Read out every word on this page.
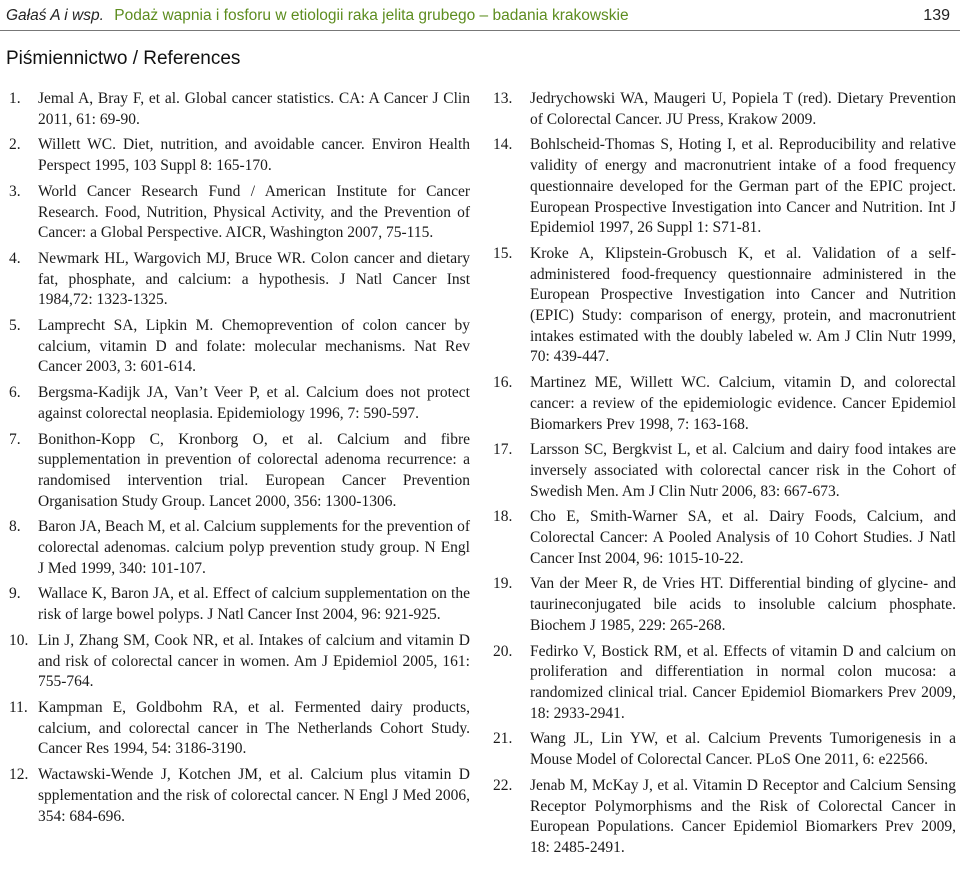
Gałaś A i wsp. Podaż wapnia i fosforu w etiologii raka jelita grubego – badania krakowskie	139
Piśmiennictwo / References
1. Jemal A, Bray F, et al. Global cancer statistics. CA: A Cancer J Clin 2011, 61: 69-90.
2. Willett WC. Diet, nutrition, and avoidable cancer. Environ Health Perspect 1995, 103 Suppl 8: 165-170.
3. World Cancer Research Fund / American Institute for Cancer Research. Food, Nutrition, Physical Activity, and the Prevention of Cancer: a Global Perspective. AICR, Washington 2007, 75-115.
4. Newmark HL, Wargovich MJ, Bruce WR. Colon cancer and dietary fat, phosphate, and calcium: a hypothesis. J Natl Cancer Inst 1984,72: 1323-1325.
5. Lamprecht SA, Lipkin M. Chemoprevention of colon cancer by calcium, vitamin D and folate: molecular mechanisms. Nat Rev Cancer 2003, 3: 601-614.
6. Bergsma-Kadijk JA, Van’t Veer P, et al. Calcium does not protect against colorectal neoplasia. Epidemiology 1996, 7: 590-597.
7. Bonithon-Kopp C, Kronborg O, et al. Calcium and fibre supplementation in prevention of colorectal adenoma recurrence: a randomised intervention trial. European Cancer Prevention Organisation Study Group. Lancet 2000, 356: 1300-1306.
8. Baron JA, Beach M, et al. Calcium supplements for the prevention of colorectal adenomas. calcium polyp prevention study group. N Engl J Med 1999, 340: 101-107.
9. Wallace K, Baron JA, et al. Effect of calcium supplementation on the risk of large bowel polyps. J Natl Cancer Inst 2004, 96: 921-925.
10. Lin J, Zhang SM, Cook NR, et al. Intakes of calcium and vitamin D and risk of colorectal cancer in women. Am J Epidemiol 2005, 161: 755-764.
11. Kampman E, Goldbohm RA, et al. Fermented dairy products, calcium, and colorectal cancer in The Netherlands Cohort Study. Cancer Res 1994, 54: 3186-3190.
12. Wactawski-Wende J, Kotchen JM, et al. Calcium plus vitamin D spplementation and the risk of colorectal cancer. N Engl J Med 2006, 354: 684-696.
13. Jedrychowski WA, Maugeri U, Popiela T (red). Dietary Prevention of Colorectal Cancer. JU Press, Krakow 2009.
14. Bohlscheid-Thomas S, Hoting I, et al. Reproducibility and relative validity of energy and macronutrient intake of a food frequency questionnaire developed for the German part of the EPIC project. European Prospective Investigation into Cancer and Nutrition. Int J Epidemiol 1997, 26 Suppl 1: S71-81.
15. Kroke A, Klipstein-Grobusch K, et al. Validation of a self-administered food-frequency questionnaire administered in the European Prospective Investigation into Cancer and Nutrition (EPIC) Study: comparison of energy, protein, and macronutrient intakes estimated with the doubly labeled w. Am J Clin Nutr 1999, 70: 439-447.
16. Martinez ME, Willett WC. Calcium, vitamin D, and colorectal cancer: a review of the epidemiologic evidence. Cancer Epidemiol Biomarkers Prev 1998, 7: 163-168.
17. Larsson SC, Bergkvist L, et al. Calcium and dairy food intakes are inversely associated with colorectal cancer risk in the Cohort of Swedish Men. Am J Clin Nutr 2006, 83: 667-673.
18. Cho E, Smith-Warner SA, et al. Dairy Foods, Calcium, and Colorectal Cancer: A Pooled Analysis of 10 Cohort Studies. J Natl Cancer Inst 2004, 96: 1015-10-22.
19. Van der Meer R, de Vries HT. Differential binding of glycine- and taurineconjugated bile acids to insoluble calcium phosphate. Biochem J 1985, 229: 265-268.
20. Fedirko V, Bostick RM, et al. Effects of vitamin D and calcium on proliferation and differentiation in normal colon mucosa: a randomized clinical trial. Cancer Epidemiol Biomarkers Prev 2009, 18: 2933-2941.
21. Wang JL, Lin YW, et al. Calcium Prevents Tumorigenesis in a Mouse Model of Colorectal Cancer. PLoS One 2011, 6: e22566.
22. Jenab M, McKay J, et al. Vitamin D Receptor and Calcium Sensing Receptor Polymorphisms and the Risk of Colorectal Cancer in European Populations. Cancer Epidemiol Biomarkers Prev 2009, 18: 2485-2491.
